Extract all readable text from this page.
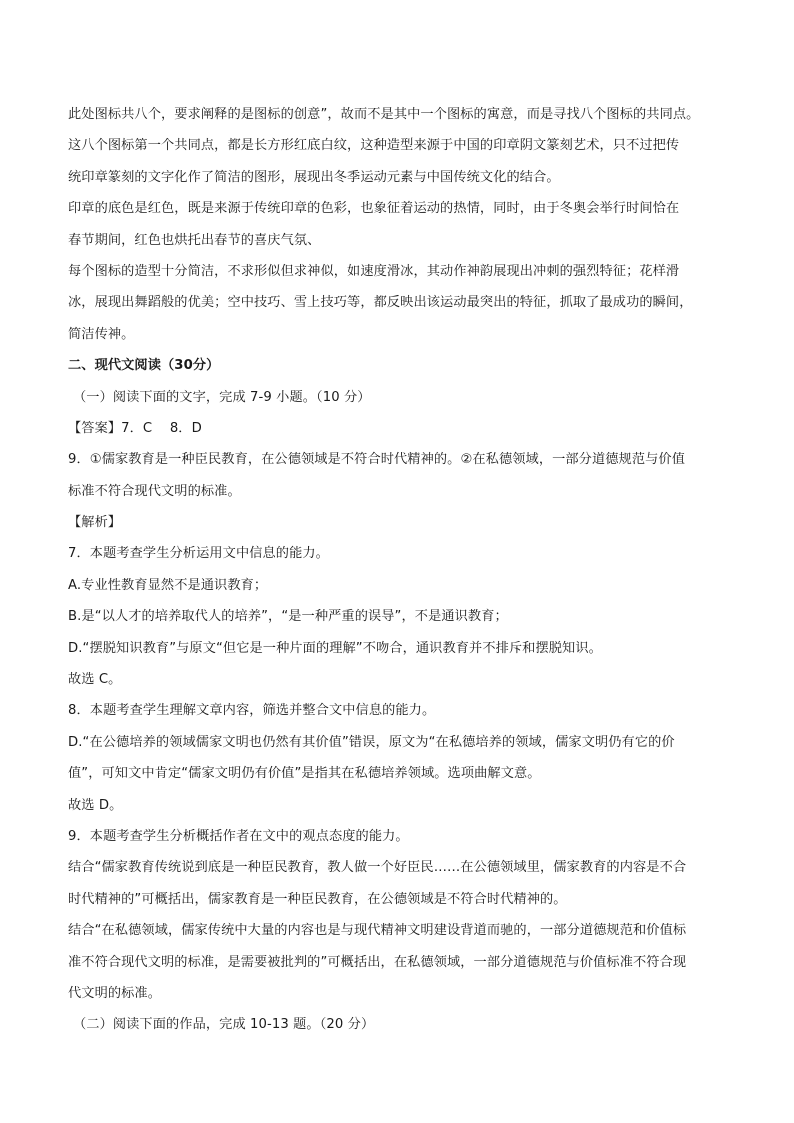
此处图标共八个，要求阐释的是图标的创意”，故而不是其中一个图标的寓意，而是寻找八个图标的共同点。
这八个图标第一个共同点，都是长方形红底白纹，这种造型来源于中国的印章阴文篆刻艺术，只不过把传
统印章篆刻的文字化作了简洁的图形，展现出冬季运动元素与中国传统文化的结合。
印章的底色是红色，既是来源于传统印章的色彩，也象征着运动的热情，同时，由于冬奥会举行时间恰在
春节期间，红色也烘托出春节的喜庆气氛、
每个图标的造型十分简洁，不求形似但求神似，如速度滑冰，其动作神韵展现出冲刺的强烈特征；花样滑
冰，展现出舞蹈般的优美；空中技巧、雪上技巧等，都反映出该运动最突出的特征，抓取了最成功的瞬间，
简洁传神。
二、现代文阅读（30分）
（一）阅读下面的文字，完成 7-9 小题。（10 分）
【答案】7．C　 8．D
9．①儒家教育是一种臣民教育，在公德领域是不符合时代精神的。②在私德领域，一部分道德规范与价值
标准不符合现代文明的标准。
【解析】
7．本题考查学生分析运用文中信息的能力。
A.专业性教育显然不是通识教育；
B.是“以人才的培养取代人的培养”，“是一种严重的误导”，不是通识教育；
D.“摆脱知识教育”与原文“但它是一种片面的理解”不吻合，通识教育并不排斥和摆脱知识。
故选 C。
8．本题考查学生理解文章内容，筛选并整合文中信息的能力。
D.“在公德培养的领域儒家文明也仍然有其价值”错误，原文为“在私德培养的领域，儒家文明仍有它的价
值”，可知文中肯定“儒家文明仍有价值”是指其在私德培养领域。选项曲解文意。
故选 D。
9．本题考查学生分析概括作者在文中的观点态度的能力。
结合“儒家教育传统说到底是一种臣民教育，教人做一个好臣民……在公德领域里，儒家教育的内容是不合
时代精神的”可概括出，儒家教育是一种臣民教育，在公德领域是不符合时代精神的。
结合“在私德领域，儒家传统中大量的内容也是与现代精神文明建设背道而驰的，一部分道德规范和价值标
准不符合现代文明的标准，是需要被批判的”可概括出，在私德领域，一部分道德规范与价值标准不符合现
代文明的标准。
（二）阅读下面的作品，完成 10-13 题。（20 分）
